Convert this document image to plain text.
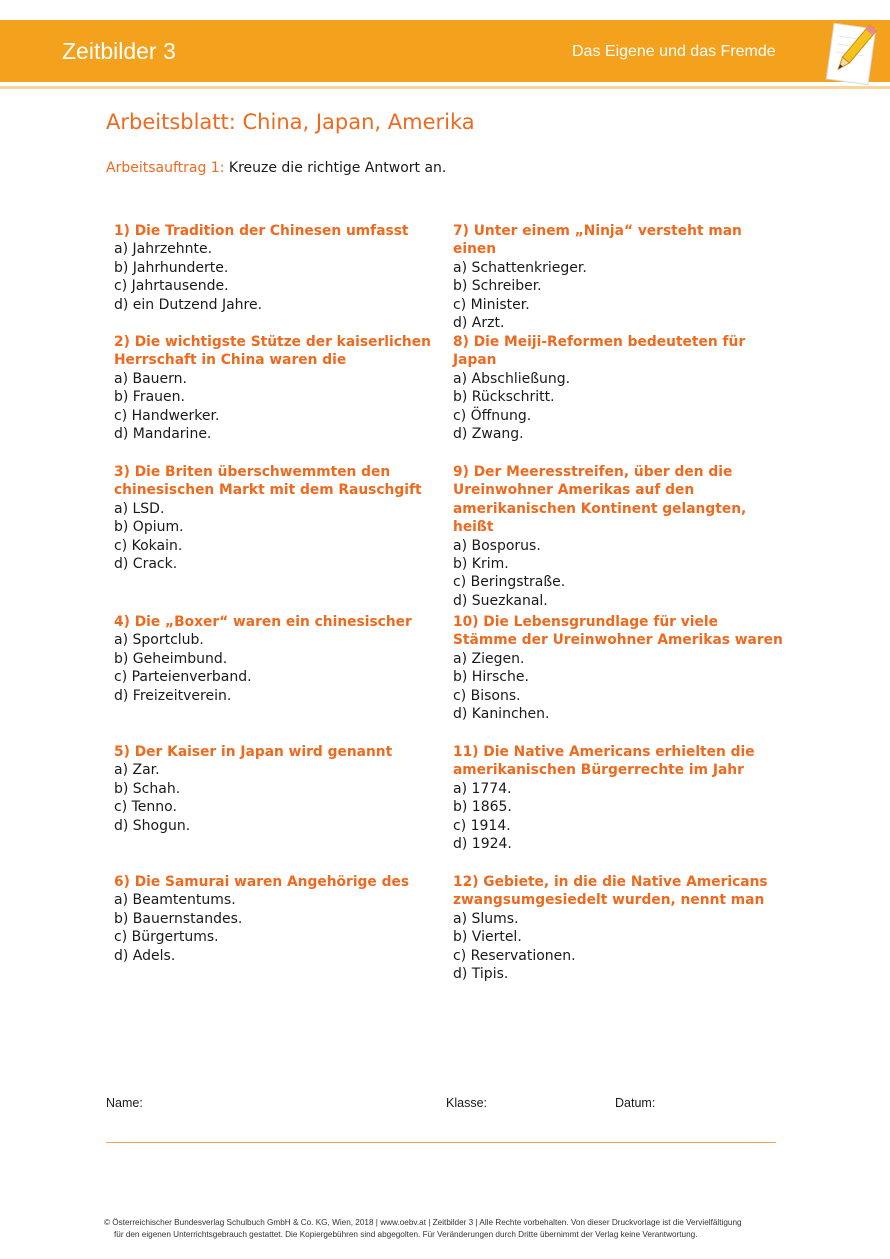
Zeitbilder 3	Das Eigene und das Fremde
Arbeitsblatt: China, Japan, Amerika
Arbeitsauftrag 1: Kreuze die richtige Antwort an.
1) Die Tradition der Chinesen umfasst
a) Jahrzehnte.
b) Jahrhunderte.
c) Jahrtausende.
d) ein Dutzend Jahre.
2) Die wichtigste Stütze der kaiserlichen Herrschaft in China waren die
a) Bauern.
b) Frauen.
c) Handwerker.
d) Mandarine.
3) Die Briten überschwemmten den chinesischen Markt mit dem Rauschgift
a) LSD.
b) Opium.
c) Kokain.
d) Crack.
4) Die „Boxer“ waren ein chinesischer
a) Sportclub.
b) Geheimbund.
c) Parteienverband.
d) Freizeitverein.
5) Der Kaiser in Japan wird genannt
a) Zar.
b) Schah.
c) Tenno.
d) Shogun.
6) Die Samurai waren Angehörige des
a) Beamtentums.
b) Bauernstandes.
c) Bürgertums.
d) Adels.
7) Unter einem „Ninja“ versteht man einen
a) Schattenkrieger.
b) Schreiber.
c) Minister.
d) Arzt.
8) Die Meiji-Reformen bedeuteten für Japan
a) Abschließung.
b) Rückschritt.
c) Öffnung.
d) Zwang.
9) Der Meeresstreifen, über den die Ureinwohner Amerikas auf den amerikanischen Kontinent gelangten, heißt
a) Bosporus.
b) Krim.
c) Beringstraße.
d) Suezkanal.
10) Die Lebensgrundlage für viele Stämme der Ureinwohner Amerikas waren
a) Ziegen.
b) Hirsche.
c) Bisons.
d) Kaninchen.
11) Die Native Americans erhielten die amerikanischen Bürgerrechte im Jahr
a) 1774.
b) 1865.
c) 1914.
d) 1924.
12) Gebiete, in die die Native Americans zwangsumgesiedelt wurden, nennt man
a) Slums.
b) Viertel.
c) Reservationen.
d) Tipis.
Name:	Klasse:	Datum:
© Österreichischer Bundesverlag Schulbuch GmbH & Co. KG, Wien, 2018 | www.oebv.at | Zeitbilder 3 | Alle Rechte vorbehalten. Von dieser Druckvorlage ist die Vervielfältigung
für den eigenen Unterrichtsgebrauch gestattet. Die Kopiergebühren sind abgegolten. Für Veränderungen durch Dritte übernimmt der Verlag keine Verantwortung.
